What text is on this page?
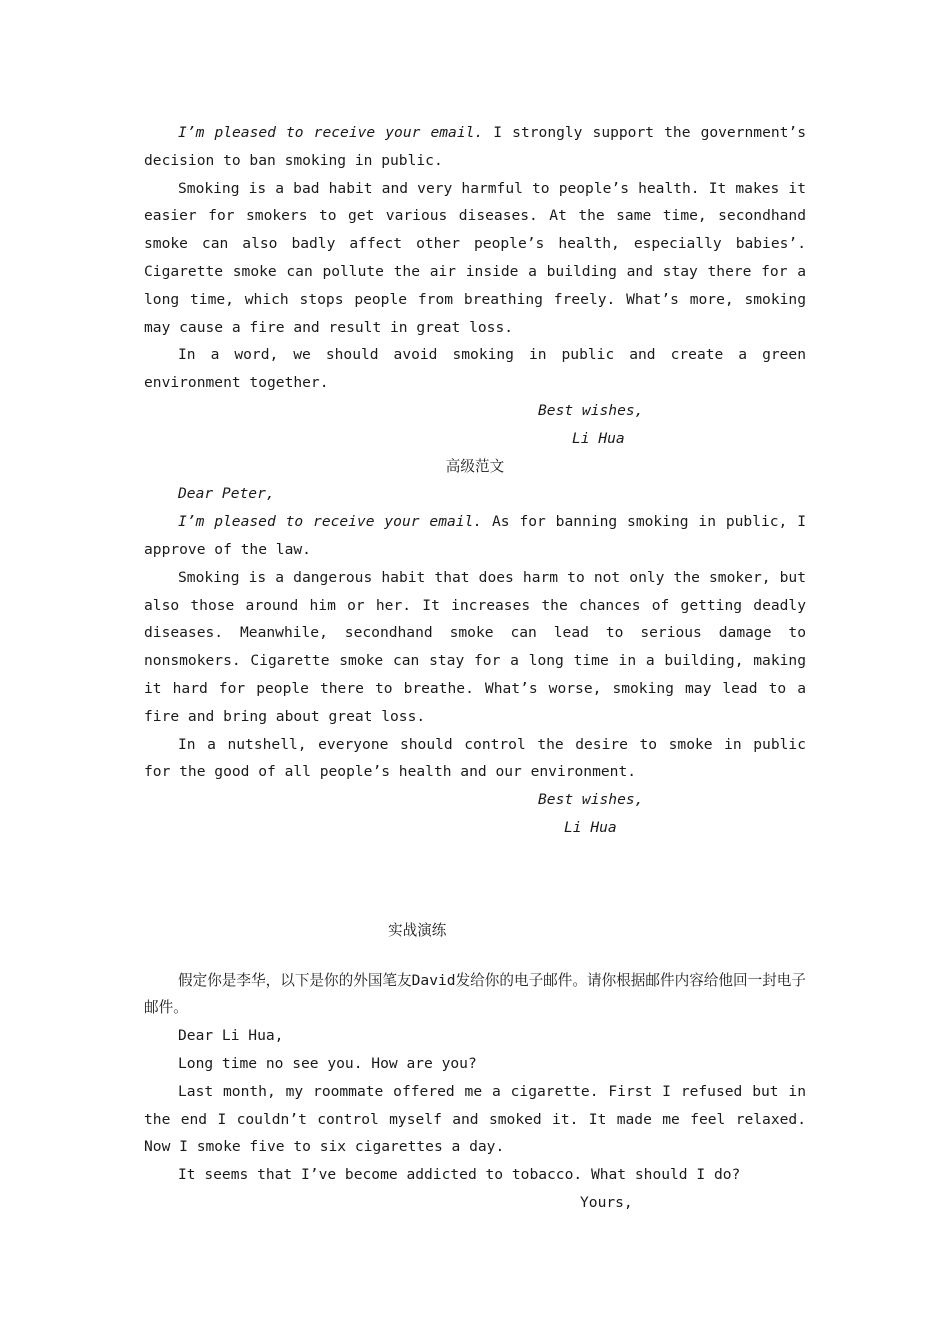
I’m pleased to receive your email. I strongly support the government’s decision to ban smoking in public.

Smoking is a bad habit and very harmful to people’s health. It makes it easier for smokers to get various diseases. At the same time, secondhand smoke can also badly affect other people’s health, especially babies’. Cigarette smoke can pollute the air inside a building and stay there for a long time, which stops people from breathing freely. What’s more, smoking may cause a fire and result in great loss.

In a word, we should avoid smoking in public and create a green environment together.

Best wishes,

Li Hua

高级范文

Dear Peter,

I’m pleased to receive your email. As for banning smoking in public, I approve of the law.

Smoking is a dangerous habit that does harm to not only the smoker, but also those around him or her. It increases the chances of getting deadly diseases. Meanwhile, secondhand smoke can lead to serious damage to nonsmokers. Cigarette smoke can stay for a long time in a building, making it hard for people there to breathe. What’s worse, smoking may lead to a fire and bring about great loss.

In a nutshell, everyone should control the desire to smoke in public for the good of all people’s health and our environment.

Best wishes,

Li Hua

实战演练

假定你是李华，以下是你的外国笔友David发给你的电子邮件。请你根据邮件内容给他回一封电子邮件。

Dear Li Hua,

Long time no see you. How are you?

Last month, my roommate offered me a cigarette. First I refused but in the end I couldn’t control myself and smoked it. It made me feel relaxed. Now I smoke five to six cigarettes a day.

It seems that I’ve become addicted to tobacco. What should I do?

Yours,
